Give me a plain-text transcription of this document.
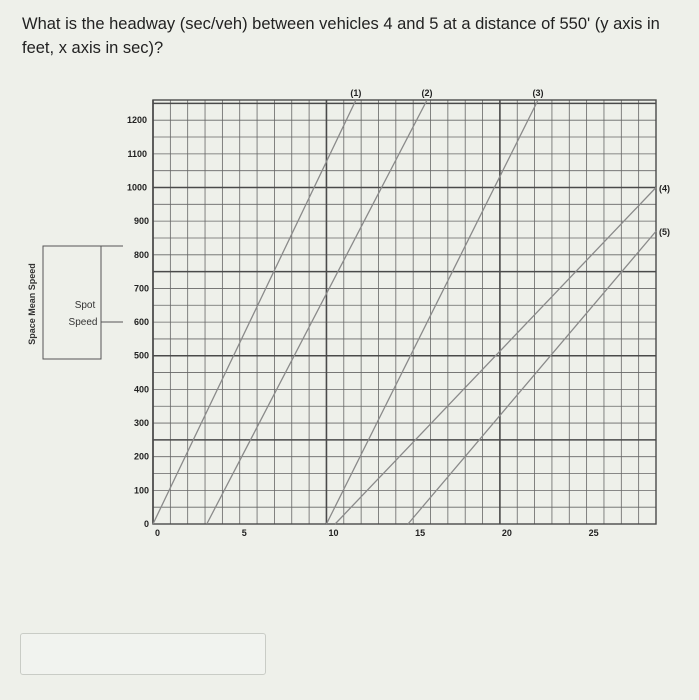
What is the headway (sec/veh) between vehicles 4 and 5 at a distance of 550' (y axis in feet, x axis in sec)?
0
100
200
300
400
500
600
700
800
900
1000
1100
1200
0	5	10	15	20	25
(1)	(2)	(3)
(4)
(5)
Space Mean Speed	Spot
Speed
